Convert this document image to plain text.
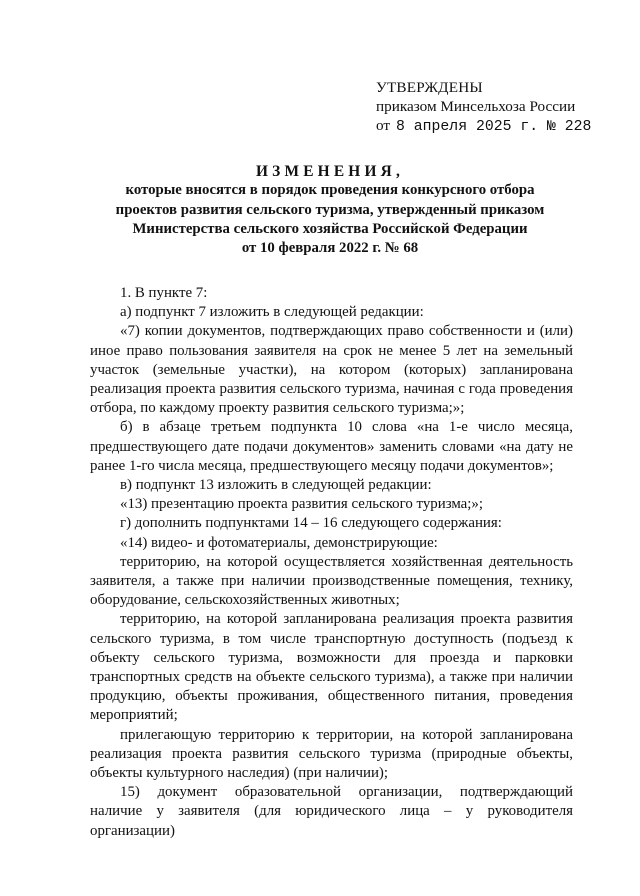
УТВЕРЖДЕНЫ
приказом Минсельхоза России
от 8 апреля 2025 г. № 228
ИЗМЕНЕНИЯ,
которые вносятся в порядок проведения конкурсного отбора
проектов развития сельского туризма, утвержденный приказом
Министерства сельского хозяйства Российской Федерации
от 10 февраля 2022 г. № 68

1. В пункте 7:

а) подпункт 7 изложить в следующей редакции:

«7) копии документов, подтверждающих право собственности и (или) иное право пользования заявителя на срок не менее 5 лет на земельный участок (земельные участки), на котором (которых) запланирована реализация проекта развития сельского туризма, начиная с года проведения отбора, по каждому проекту развития сельского туризма;»;

б) в абзаце третьем подпункта 10 слова «на 1-е число месяца, предшествующего дате подачи документов» заменить словами «на дату не ранее 1-го числа месяца, предшествующего месяцу подачи документов»;

в) подпункт 13 изложить в следующей редакции:

«13) презентацию проекта развития сельского туризма;»;

г) дополнить подпунктами 14 – 16 следующего содержания:

«14) видео- и фотоматериалы, демонстрирующие:

территорию, на которой осуществляется хозяйственная деятельность заявителя, а также при наличии производственные помещения, технику, оборудование, сельскохозяйственных животных;

территорию, на которой запланирована реализация проекта развития сельского туризма, в том числе транспортную доступность (подъезд к объекту сельского туризма, возможности для проезда и парковки транспортных средств на объекте сельского туризма), а также при наличии продукцию, объекты проживания, общественного питания, проведения мероприятий;

прилегающую территорию к территории, на которой запланирована реализация проекта развития сельского туризма (природные объекты, объекты культурного наследия) (при наличии);

15) документ образовательной организации, подтверждающий наличие у заявителя (для юридического лица – у руководителя организации)
